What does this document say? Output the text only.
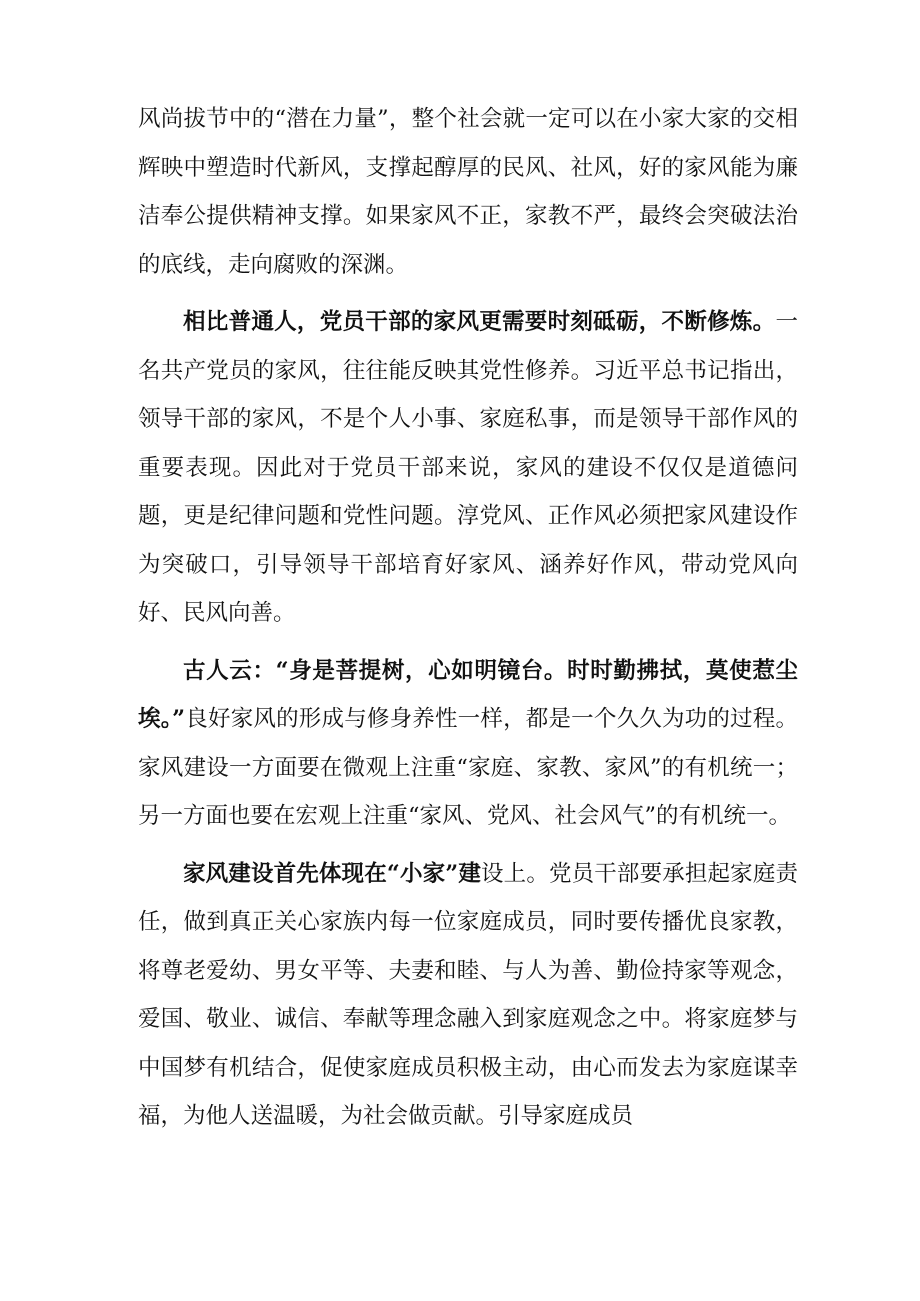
风尚拔节中的“潜在力量”，整个社会就一定可以在小家大家的交相辉映中塑造时代新风，支撑起醇厚的民风、社风，好的家风能为廉洁奉公提供精神支撑。如果家风不正，家教不严，最终会突破法治的底线，走向腐败的深渊。

相比普通人，党员干部的家风更需要时刻砥砺，不断修炼。一名共产党员的家风，往往能反映其党性修养。习近平总书记指出，领导干部的家风，不是个人小事、家庭私事，而是领导干部作风的重要表现。因此对于党员干部来说，家风的建设不仅仅是道德问题，更是纪律问题和党性问题。淳党风、正作风必须把家风建设作为突破口，引导领导干部培育好家风、涵养好作风，带动党风向好、民风向善。

古人云：“身是菩提树，心如明镜台。时时勤拂拭，莫使惹尘埃。”良好家风的形成与修身养性一样，都是一个久久为功的过程。家风建设一方面要在微观上注重“家庭、家教、家风”的有机统一；另一方面也要在宏观上注重“家风、党风、社会风气”的有机统一。

家风建设首先体现在“小家”建设上。党员干部要承担起家庭责任，做到真正关心家族内每一位家庭成员，同时要传播优良家教，将尊老爱幼、男女平等、夫妻和睦、与人为善、勤俭持家等观念，爱国、敬业、诚信、奉献等理念融入到家庭观念之中。将家庭梦与中国梦有机结合，促使家庭成员积极主动，由心而发去为家庭谋幸福，为他人送温暖，为社会做贡献。引导家庭成员
